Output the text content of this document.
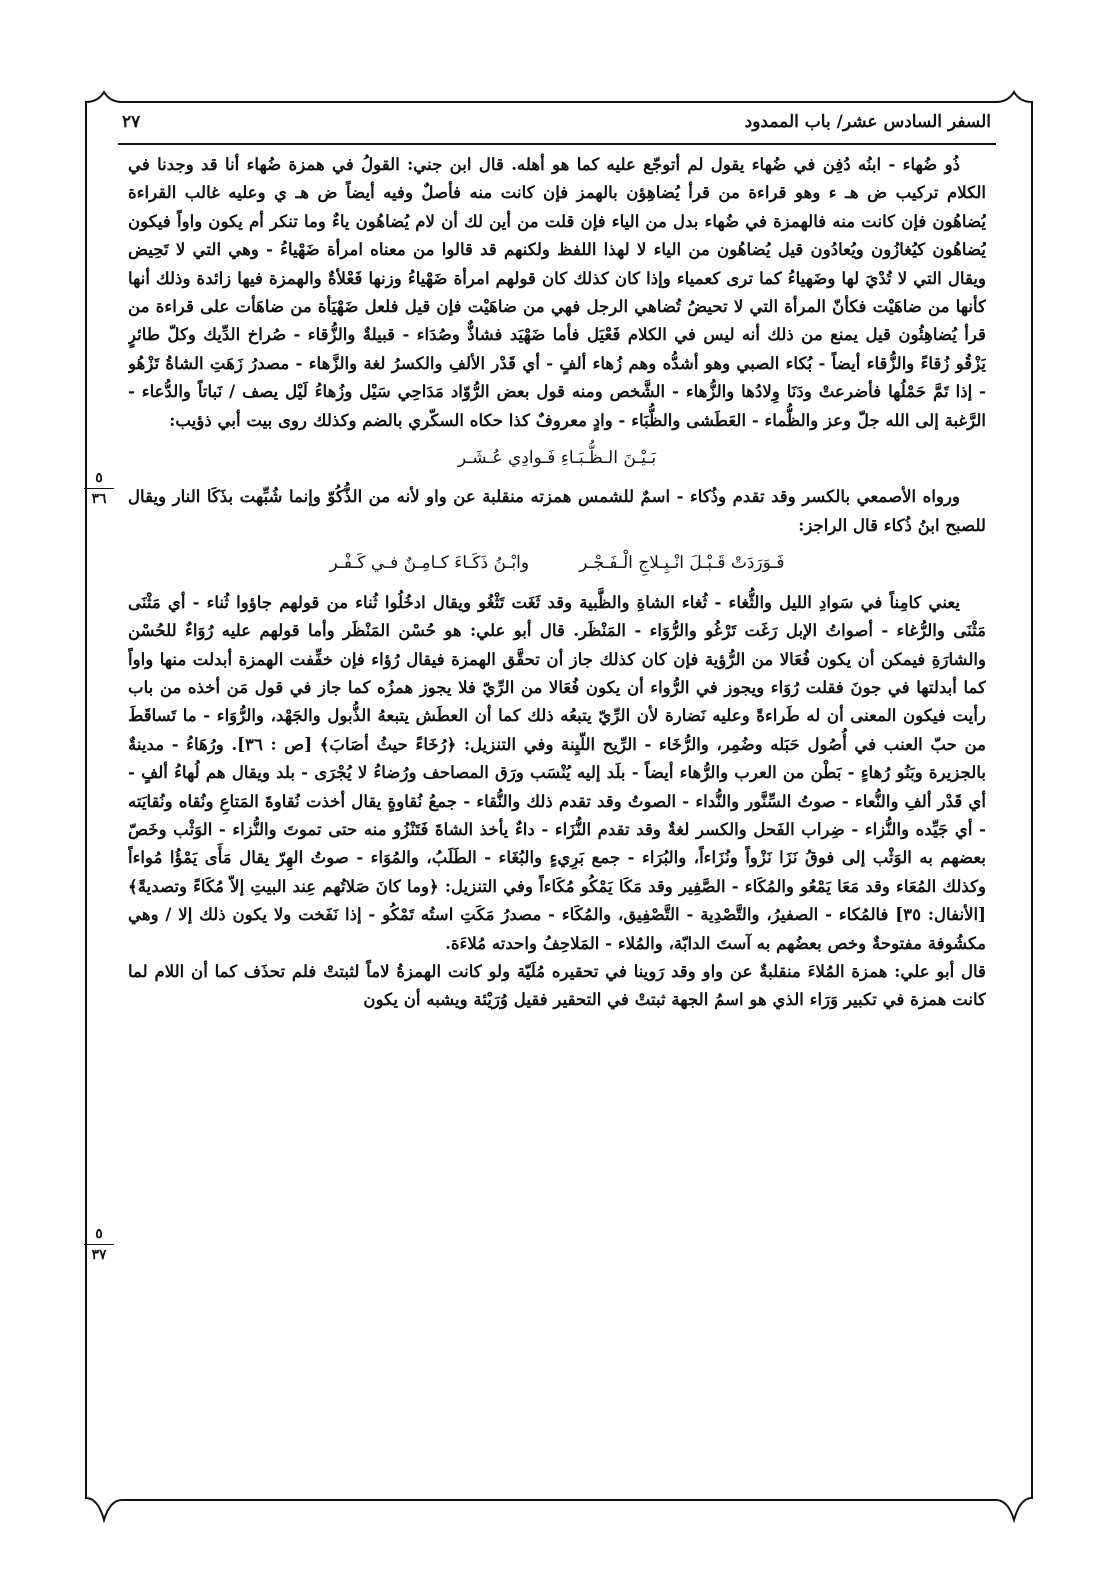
٢٧	السفر السادس عشر/ باب الممدود
٥
٣٦
٥
٣٧

ذُو ضُهاء - ابنُه دُفِن في ضُهاء يقول لم أتوجّع عليه كما هو أهله. قال ابن جني: القولُ في همزة ضُهاء أنا قد وجدنا في الكلام تركيب ض هـ ء وهو قراءة من قرأ يُضاهِؤن بالهمز فإن كانت منه فأصلٌ وفيه أيضاً ض هـ ي وعليه غالب القراءة يُضاهُون فإن كانت منه فالهمزة في ضُهاء بدل من الياء فإن قلت من أين لك أن لام يُضاهُون ياءٌ وما تنكر أم يكون واواً فيكون يُضاهُون كيُغازُون ويُعادُون قيل يُضاهُون من الياء لا لهذا اللفظ ولكنهم قد قالوا من معناه امرأة ضَهْياءُ - وهي التي لا تَحِيض ويقال التي لا تُدْيَ لها وضَهياءُ كما ترى كعمياء وإذا كان كذلك كان قولهم امرأة ضَهْياءُ وزنها فَعْلأةٌ والهمزة فيها زائدة وذلك أنها كأنها من ضاهَيْت فكأنّ المرأة التي لا تحيضُ تُضاهي الرجل فهي من ضاهَيْت فإن قيل فلعل ضَهْيَأة من ضاهَأت على قراءة من قرأ يُضاهِئُون قيل يمنع من ذلك أنه ليس في الكلام فَعْيَل فأما ضَهْيَد فشاذٌّ وصُدَاء - قبيلةٌ والزُّقاء - صُراخ الدِّيك وكلّ طائرٍ يَزْقُو زُقاءً والزُّقاء أيضاً - بُكاء الصبي وهو أشدُّه وهم زُهاء ألفٍ - أي قَدْر الألفِ والكسرُ لغة والزَّهاء - مصدرُ زَهَتِ الشاةُ تَزْهُو - إذا تَمَّ حَمْلُها فأضرعتْ ودَنَا وِلادُها والزُّهاء - الشَّخص ومنه قول بعض الرُّوّاد مَدَاحِي سَيْل وزُهاءُ لَيْل يصف / نَباتاً والدُّعاء - الرَّغبة إلى الله جلّ وعز والظُّماء - العَطَشى والظُّبَاء - وادٍ معروفٌ كذا حكاه السكّري بالضم وكذلك روى بيت أبي ذؤيب:

بَـيْـنَ الـظُّـبَـاءِ فَـوادِي عُـشَـر

ورواه الأصمعي بالكسر وقد تقدم وذُكاء - اسمٌ للشمس همزته منقلبة عن واو لأنه من الذُّكُوّ وإنما شُبِّهت بذَكَا النار ويقال للصبح ابنُ ذُكاء قال الراجز:

فَـوَرَدَتْ قَـبْـلَ انْـبِـلاجِ الْـفَـجْـر
وابْـنُ ذَكَـاءَ كـامِـنٌ فـي كَـفْـر

يعني كامِناً في سَوادِ الليل والثُّغاء - ثُغاء الشاةِ والظَّبية وقد ثَغَت تَثْغُو ويقال ادخُلُوا ثُناء من قولهم جاؤوا ثُناء - أي مَثْنَى مَثْنَى والرُّغاء - أصواتُ الإبل رَغَت تَرْغُو والرُّوَاء - المَنْظَر. قال أبو علي: هو حُسْن المَنْظَر وأما قولهم عليه رُوَاءٌ للحُسْن والشارَةِ فيمكن أن يكون فُعَالا من الرُّؤية فإن كان كذلك جاز أن تحقَّق الهمزة فيقال رُؤاء فإن خفِّفت الهمزة أبدلت منها واواً كما أبدلتها في جونَ فقلت رُوَاء ويجوز في الرُّواء أن يكون فُعَالا من الرِّيّ فلا يجوز همزُه كما جاز في قول مَن أخذه من باب رأيت فيكون المعنى أن له طَراءةً وعليه نَضارة لأن الرِّيّ يتبعُه ذلك كما أن العطَش يتبعهُ الذُّبول والجَهْد، والرُّوَاء - ما تَساقَطَ من حبّ العنب في أُصُول حَبَله وضُمِر، والرُّخَاء - الرِّيح اللّيِنة وفي التنزيل: ﴿رُخَاءً حيثُ أصَابَ﴾ [ص : ٣٦]. ورُهَاءُ - مدينةٌ بالجزيرة وبَنُو رُهاءٍ - بَطْن من العرب والرُّهاء أيضاً - بلَد إليه يُنْسَب ورَق المصاحف ورُضاءُ لا يُجْرَى - بلد ويقال هم لُهاءُ ألفٍ - أي قَدْر ألفِ والنُّعاء - صوتُ السِّنَّور والنُّداء - الصوتُ وقد تقدم ذلك والنُّقاء - جمعُ نُقاوةٍ يقال أخذت نُقاوةَ المَتاعِ ونُقاه ونُقايَته - أي جَيِّده والنُّزاء - ضِراب الفَحل والكسر لغةٌ وقد تقدم النُّزَاء - داءٌ يأخذ الشاةَ فَتَنْزُو منه حتى تموتَ والنُّزاء - الوَثْب وخَصّ بعضهم به الوَثْب إلى فوقُ نَزَا نَزْواً ونُزَاءاً، والبُرَاء - جمع بَرِيءٍ والبُغَاء - الطَلَبُ، والمُوَاء - صوتُ الهِرّ يقال مَأَى يَمْؤُا مُواءاً وكذلك المُعَاء وقد مَعَا يَمْعُو والمُكَاء - الصَّفِير وقد مَكَا يَمْكُو مُكَاءاً وفي التنزيل: ﴿وما كانَ صَلاتُهم عِند البيتِ إلاّ مُكَاءً وتصديةً﴾ [الأنفال: ٣٥] فالمُكاء - الصفيرُ، والتَّصْدِية - التَّصْفِيق، والمُكَاء - مصدرُ مَكَتِ استُه تَمْكُو - إذا نَفَخت ولا يكون ذلك إلا / وهي مكشُوفة مفتوحةٌ وخص بعضُهم به آستَ الدابّة، والمُلاء - المَلاحِفُ واحدته مُلاءَة.

قال أبو علي: همزة المُلاءَ منقلبةٌ عن واو وقد رَوينا في تحقيره مُلَيّة ولو كانت الهمزةُ لاماً لثبتتْ فلم تحذَف كما أن اللام لما كانت همزة في تكبير وَرَاء الذي هو اسمُ الجهة ثبتتْ في التحقير فقيل وُرَيْئة ويشبه أن يكون
